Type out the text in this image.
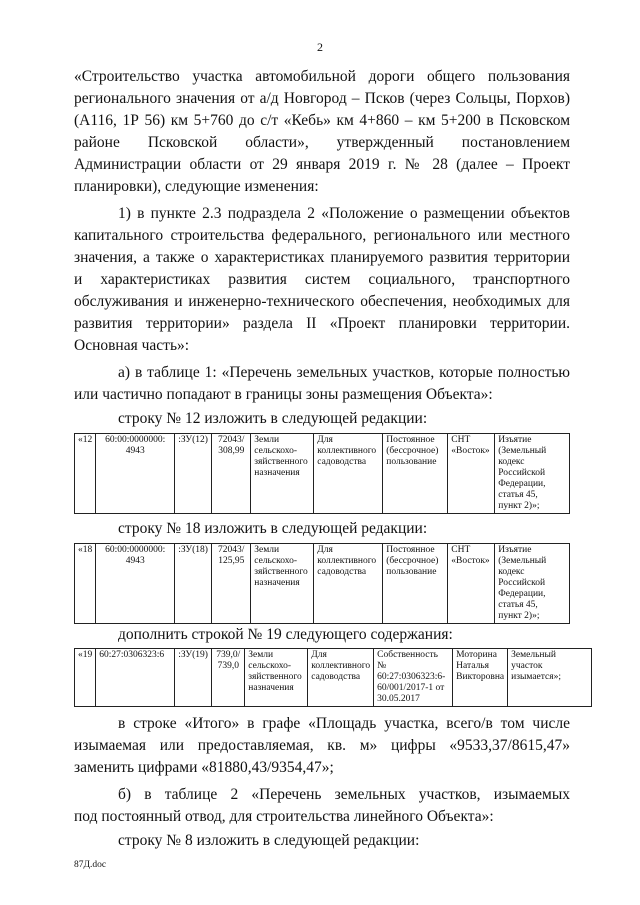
2
«Строительство участка автомобильной дороги общего пользования
регионального значения от а/д Новгород – Псков (через Сольцы, Порхов)
(А116, 1Р 56) км 5+760 до с/т «Кебь» км 4+860 – км 5+200 в Псковском
районе Псковской области», утвержденный постановлением
Администрации области от 29 января 2019 г. № 28 (далее – Проект
планировки), следующие изменения:
1) в пункте 2.3 подраздела 2 «Положение о размещении объектов
капитального строительства федерального, регионального или местного
значения, а также о характеристиках планируемого развития территории
и характеристиках развития систем социального, транспортного
обслуживания и инженерно-технического обеспечения, необходимых для
развития территории» раздела II «Проект планировки территории.
Основная часть»:
а) в таблице 1: «Перечень земельных участков, которые полностью
или частично попадают в границы зоны размещения Объекта»:
строку № 12 изложить в следующей редакции:
«12	60:00:0000000:
4943	:ЗУ(12)	72043/
308,99	Земли
сельскохо-
зяйственного
назначения	Для
коллективного
садоводства	Постоянное
(бессрочное)
пользование	СНТ
«Восток»	Изъятие
(Земельный
кодекс
Российской
Федерации,
статья 45,
пункт 2)»;
строку № 18 изложить в следующей редакции:
«18	60:00:0000000:
4943	:ЗУ(18)	72043/
125,95	Земли
сельскохо-
зяйственного
назначения	Для
коллективного
садоводства	Постоянное
(бессрочное)
пользование	СНТ
«Восток»	Изъятие
(Земельный
кодекс
Российской
Федерации,
статья 45,
пункт 2)»;
дополнить строкой № 19 следующего содержания:
«19	60:27:0306323:6	:ЗУ(19)	739,0/
739,0	Земли
сельскохо-
зяйственного
назначения	Для
коллективного
садоводства	Собственность
№
60:27:0306323:6-
60/001/2017-1 от
30.05.2017	Моторина
Наталья
Викторовна	Земельный
участок
изымается»;
в строке «Итого» в графе «Площадь участка, всего/в том числе
изымаемая или предоставляемая, кв. м» цифры «9533,37/8615,47»
заменить цифрами «81880,43/9354,47»;
б) в таблице 2 «Перечень земельных участков, изымаемых
под постоянный отвод, для строительства линейного Объекта»:
строку № 8 изложить в следующей редакции:
87Д.doc
